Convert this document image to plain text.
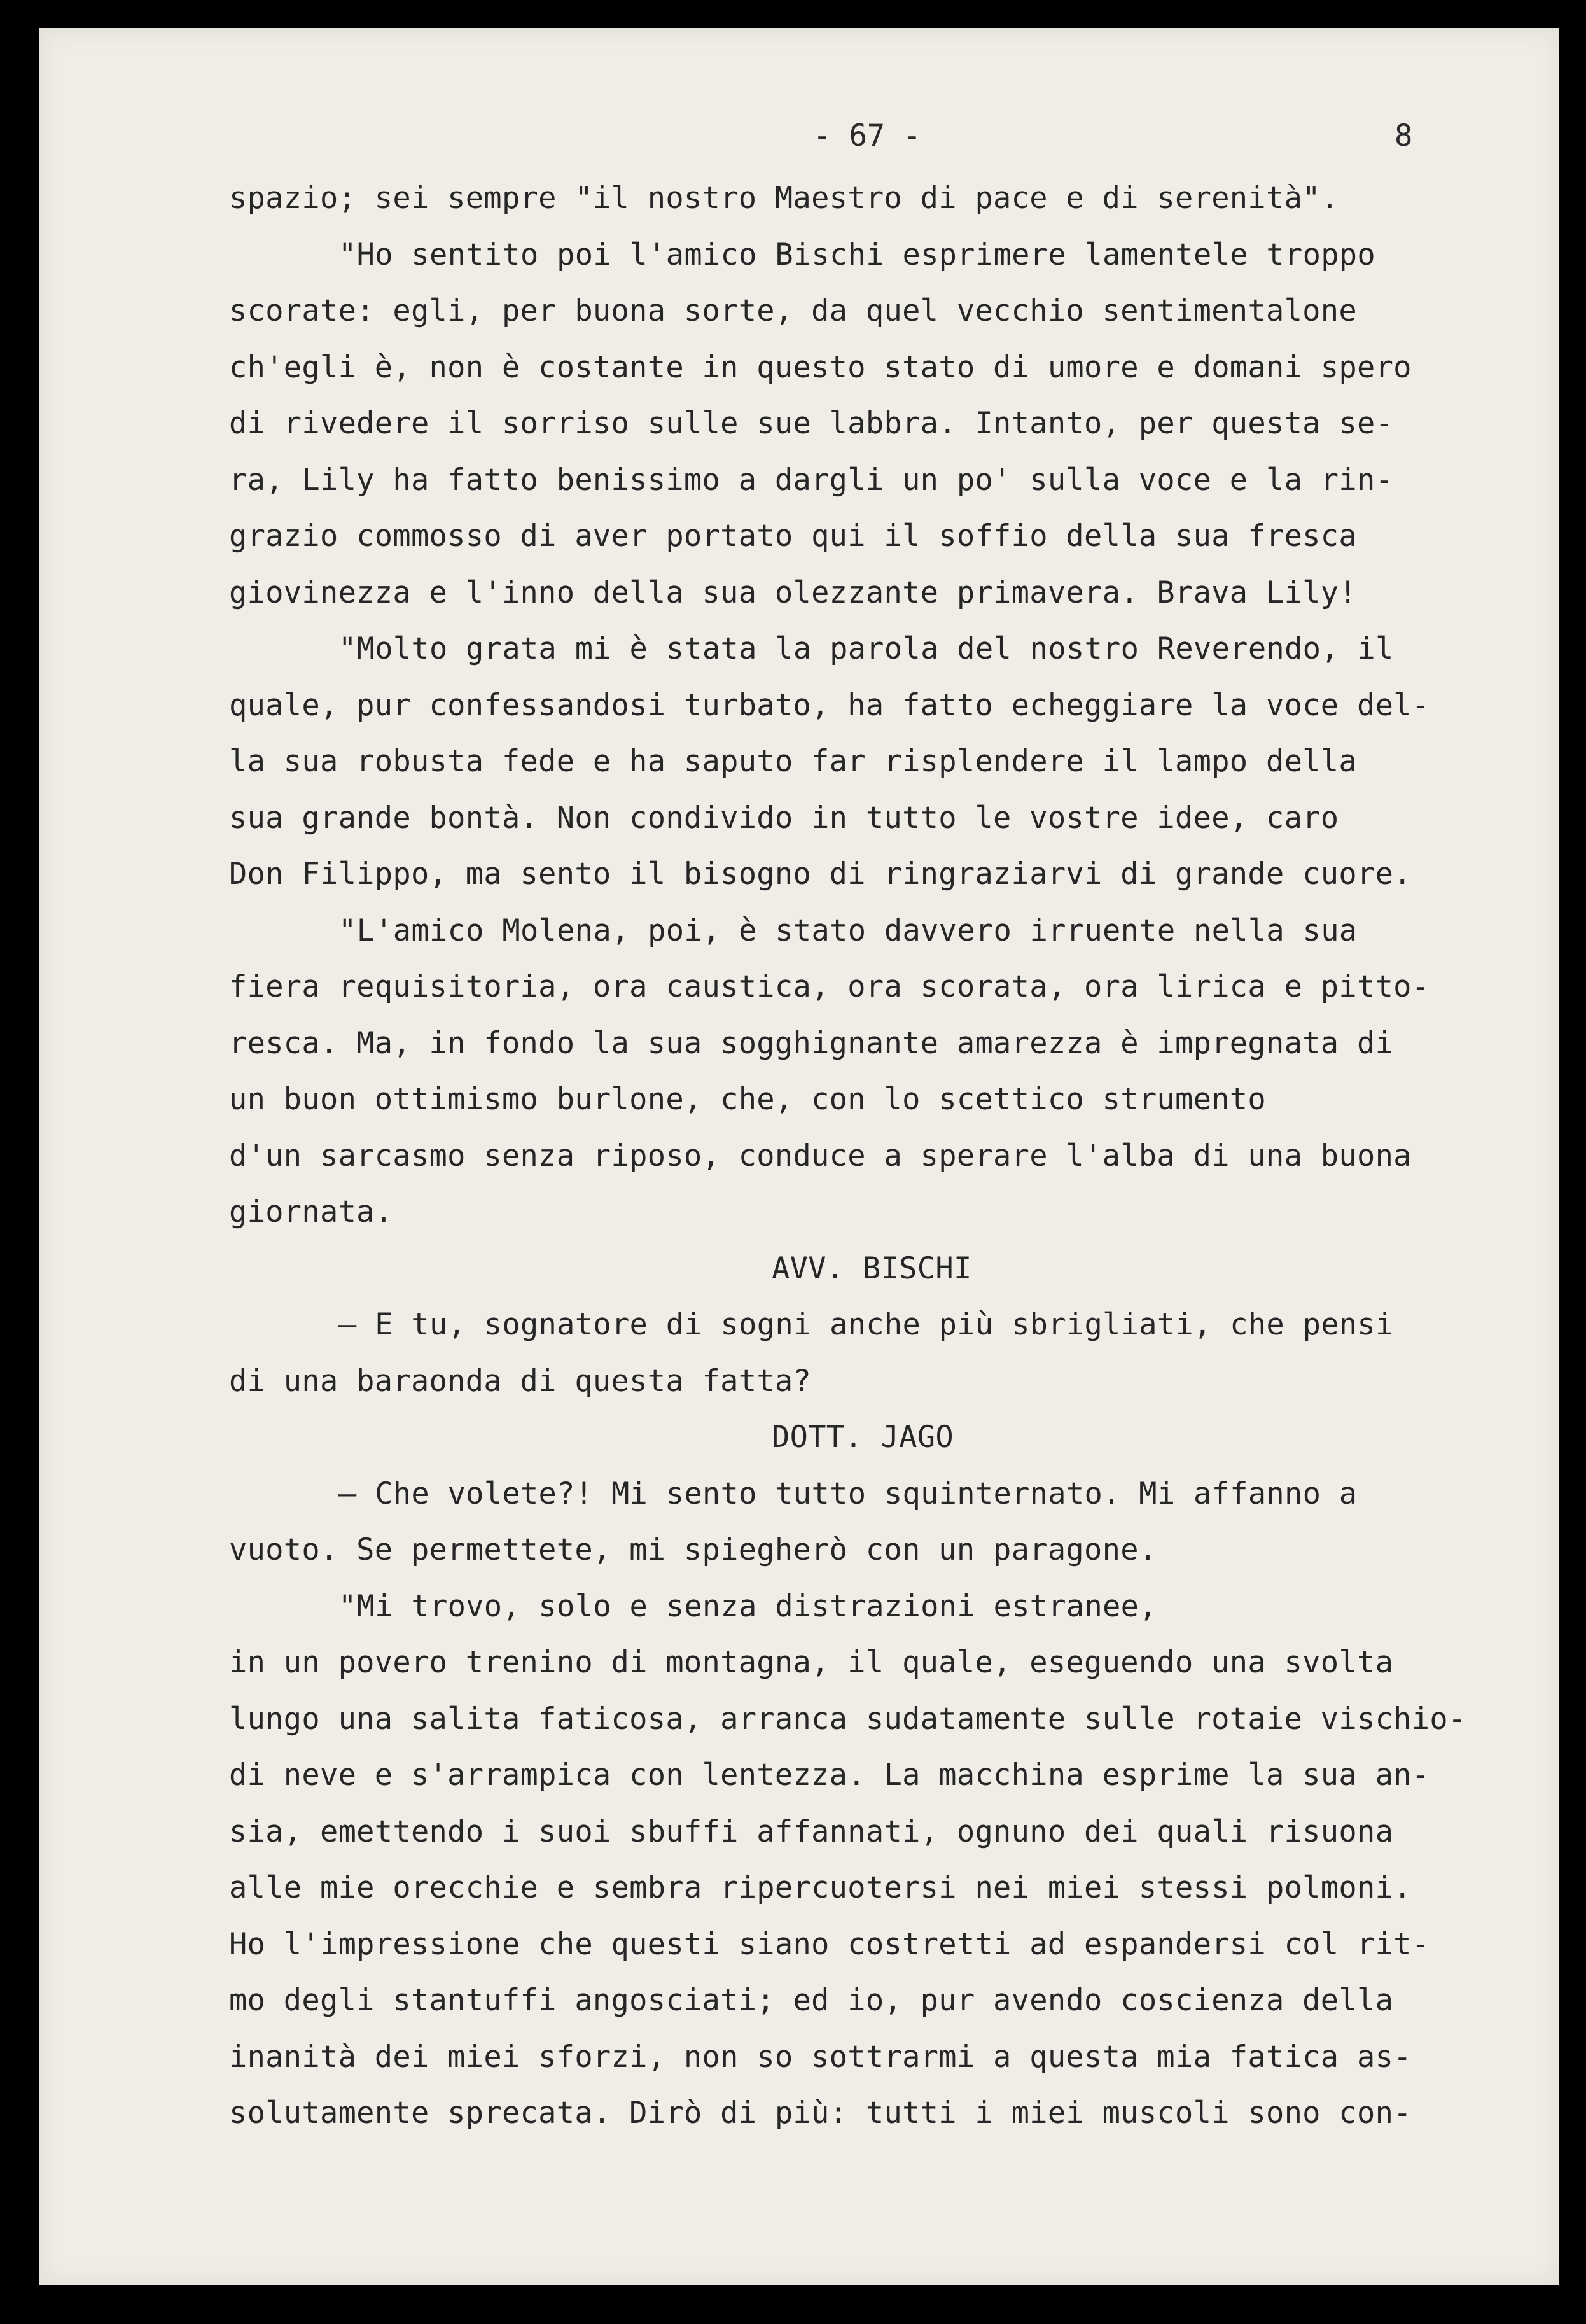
- 67 -	8
spazio; sei sempre "il nostro Maestro di pace e di serenità".
"Ho sentito poi l'amico Bischi esprimere lamentele troppo
scorate: egli, per buona sorte, da quel vecchio sentimentalone
ch'egli è, non è costante in questo stato di umore e domani spero
di rivedere il sorriso sulle sue labbra. Intanto, per questa se-
ra, Lily ha fatto benissimo a dargli un po' sulla voce e la rin-
grazio commosso di aver portato qui il soffio della sua fresca
giovinezza e l'inno della sua olezzante primavera. Brava Lily!
"Molto grata mi è stata la parola del nostro Reverendo, il
quale, pur confessandosi turbato, ha fatto echeggiare la voce del-
la sua robusta fede e ha saputo far risplendere il lampo della
sua grande bontà. Non condivido in tutto le vostre idee, caro
Don Filippo, ma sento il bisogno di ringraziarvi di grande cuore.
"L'amico Molena, poi, è stato davvero irruente nella sua
fiera requisitoria, ora caustica, ora scorata, ora lirica e pitto-
resca. Ma, in fondo la sua sogghignante amarezza è impregnata di
un buon ottimismo burlone, che, con lo scettico strumento
d'un sarcasmo senza riposo, conduce a sperare l'alba di una buona
giornata.
AVV. BISCHI
— E tu, sognatore di sogni anche più sbrigliati, che pensi
di una baraonda di questa fatta?
DOTT. JAGO
— Che volete?! Mi sento tutto squinternato. Mi affanno a
vuoto. Se permettete, mi spiegherò con un paragone.
"Mi trovo, solo e senza distrazioni estranee,
in un povero trenino di montagna, il quale, eseguendo una svolta
lungo una salita faticosa, arranca sudatamente sulle rotaie vischio-
di neve e s'arrampica con lentezza. La macchina esprime la sua an-
sia, emettendo i suoi sbuffi affannati, ognuno dei quali risuona
alle mie orecchie e sembra ripercuotersi nei miei stessi polmoni.
Ho l'impressione che questi siano costretti ad espandersi col rit-
mo degli stantuffi angosciati; ed io, pur avendo coscienza della
inanità dei miei sforzi, non so sottrarmi a questa mia fatica as-
solutamente sprecata. Dirò di più: tutti i miei muscoli sono con-
